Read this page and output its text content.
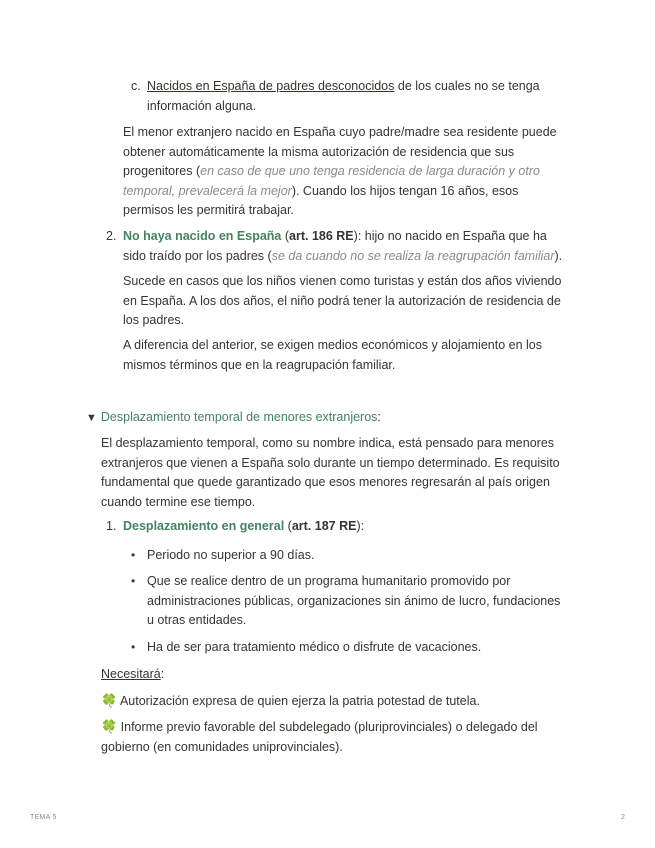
c. Nacidos en España de padres desconocidos de los cuales no se tenga

información alguna.

El menor extranjero nacido en España cuyo padre/madre sea residente puede

obtener automáticamente la misma autorización de residencia que sus

progenitores (en caso de que uno tenga residencia de larga duración y otro

temporal, prevalecerá la mejor). Cuando los hijos tengan 16 años, esos

permisos les permitirá trabajar.

2. No haya nacido en España (art. 186 RE): hijo no nacido en España que ha

sido traído por los padres (se da cuando no se realiza la reagrupación familiar).

Sucede en casos que los niños vienen como turistas y están dos años viviendo

en España. A los dos años, el niño podrá tener la autorización de residencia de

los padres.

A diferencia del anterior, se exigen medios económicos y alojamiento en los

mismos términos que en la reagrupación familiar.

▼ Desplazamiento temporal de menores extranjeros:

El desplazamiento temporal, como su nombre indica, está pensado para menores

extranjeros que vienen a España solo durante un tiempo determinado. Es requisito

fundamental que quede garantizado que esos menores regresarán al país origen

cuando termine ese tiempo.

1. Desplazamiento en general (art. 187 RE):
• Periodo no superior a 90 días.

• Que se realice dentro de un programa humanitario promovido por

administraciones públicas, organizaciones sin ánimo de lucro, fundaciones

u otras entidades.

• Ha de ser para tratamiento médico o disfrute de vacaciones.

Necesitará:
🍀 Autorización expresa de quien ejerza la patria potestad de tutela.

🍀 Informe previo favorable del subdelegado (pluriprovinciales) o delegado del

gobierno (en comunidades uniprovinciales).

TEMA 5	2
